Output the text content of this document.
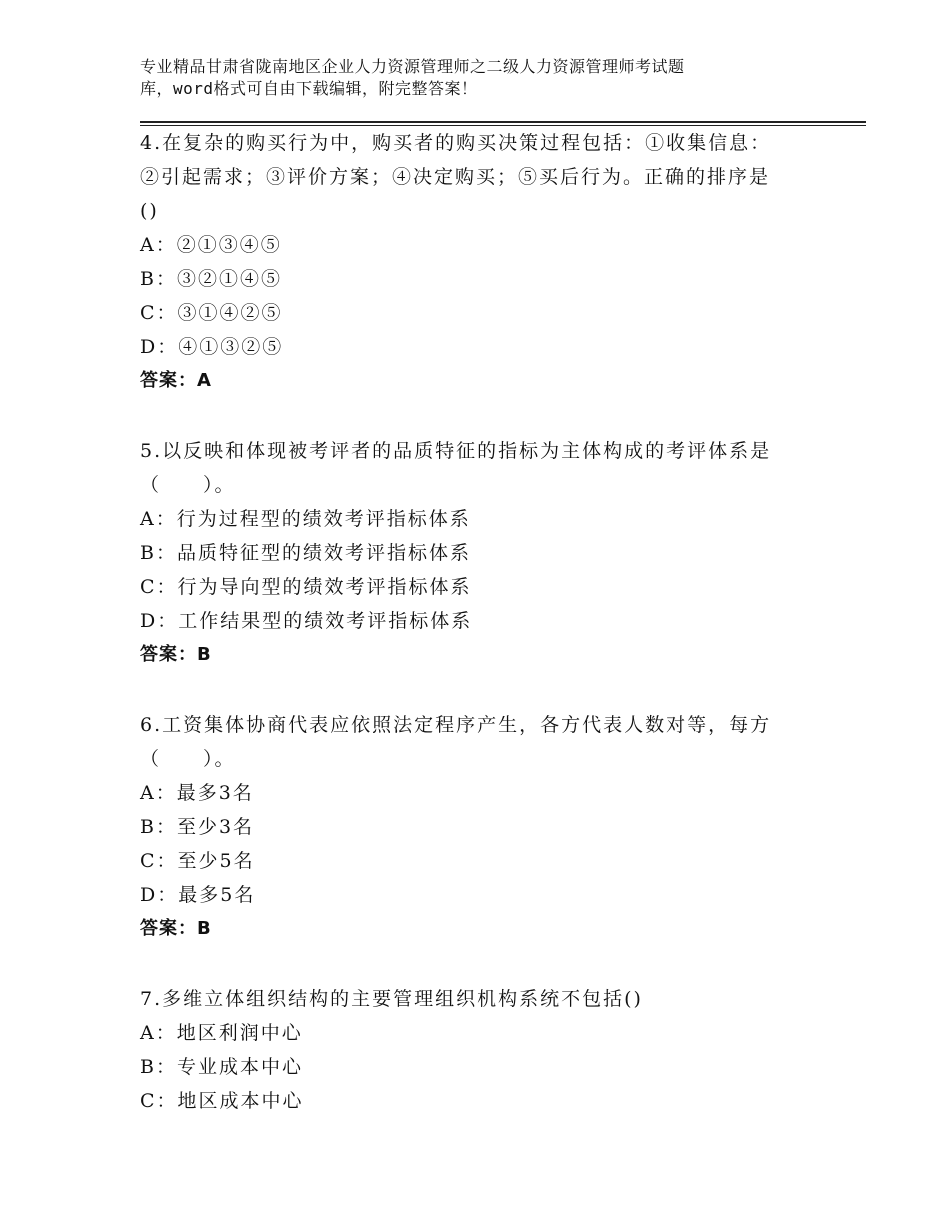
专业精品甘肃省陇南地区企业人力资源管理师之二级人力资源管理师考试题
库，word格式可自由下载编辑，附完整答案！
4.在复杂的购买行为中，购买者的购买决策过程包括：①收集信息：
②引起需求；③评价方案；④决定购买；⑤买后行为。正确的排序是
()
A：②①③④⑤
B：③②①④⑤
C：③①④②⑤
D：④①③②⑤
答案：A
5.以反映和体现被考评者的品质特征的指标为主体构成的考评体系是
（　　）。
A：行为过程型的绩效考评指标体系
B：品质特征型的绩效考评指标体系
C：行为导向型的绩效考评指标体系
D：工作结果型的绩效考评指标体系
答案：B
6.工资集体协商代表应依照法定程序产生，各方代表人数对等，每方
（　　）。
A：最多3名
B：至少3名
C：至少5名
D：最多5名
答案：B
7.多维立体组织结构的主要管理组织机构系统不包括()
A：地区利润中心
B：专业成本中心
C：地区成本中心
